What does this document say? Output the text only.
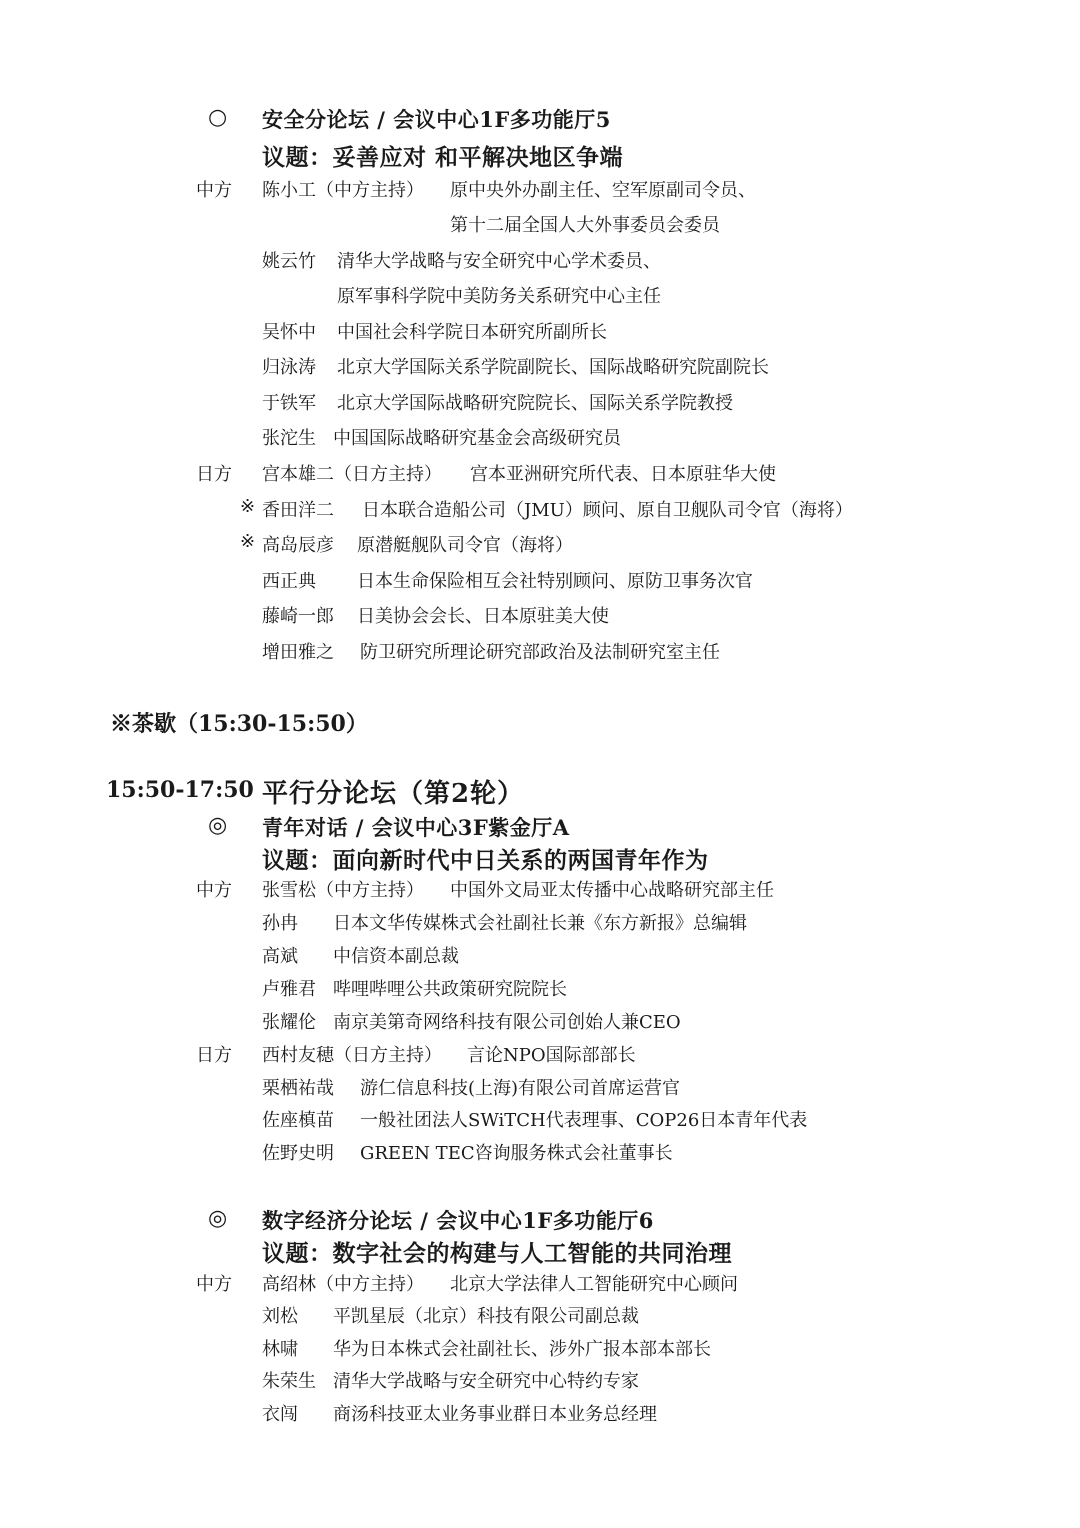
○ 安全分论坛 / 会议中心1F多功能厅5
议题：妥善应对 和平解决地区争端
中方 陈小工（中方主持） 原中央外办副主任、空军原副司令员、
第十二届全国人大外事委员会委员
姚云竹 清华大学战略与安全研究中心学术委员、
原军事科学院中美防务关系研究中心主任
吴怀中 中国社会科学院日本研究所副所长
归泳涛 北京大学国际关系学院副院长、国际战略研究院副院长
于铁军 北京大学国际战略研究院院长、国际关系学院教授
张沱生 中国国际战略研究基金会高级研究员
日方 宫本雄二（日方主持） 宫本亚洲研究所代表、日本原驻华大使
※ 香田洋二 日本联合造船公司（JMU）顾问、原自卫舰队司令官（海将）
※ 高岛辰彦 原潜艇舰队司令官（海将）
西正典 日本生命保险相互会社特别顾问、原防卫事务次官
藤崎一郎 日美协会会长、日本原驻美大使
增田雅之 防卫研究所理论研究部政治及法制研究室主任
※茶歇（15:30-15:50）
15:50-17:50 平行分论坛（第2轮）
◎ 青年对话 / 会议中心3F紫金厅A
议题：面向新时代中日关系的两国青年作为
中方 张雪松（中方主持） 中国外文局亚太传播中心战略研究部主任
孙冉 日本文华传媒株式会社副社长兼《东方新报》总编辑
高斌 中信资本副总裁
卢雅君 哔哩哔哩公共政策研究院院长
张耀伦 南京美第奇网络科技有限公司创始人兼CEO
日方 西村友穂（日方主持） 言论NPO国际部部长
栗栖祐哉 游仁信息科技(上海)有限公司首席运营官
佐座槙苗 一般社团法人SWiTCH代表理事、COP26日本青年代表
佐野史明 GREEN TEC咨询服务株式会社董事长
◎ 数字经济分论坛 / 会议中心1F多功能厅6
议题：数字社会的构建与人工智能的共同治理
中方 高绍林（中方主持） 北京大学法律人工智能研究中心顾问
刘松 平凯星辰（北京）科技有限公司副总裁
林啸 华为日本株式会社副社长、涉外广报本部本部长
朱荣生 清华大学战略与安全研究中心特约专家
衣闯 商汤科技亚太业务事业群日本业务总经理
